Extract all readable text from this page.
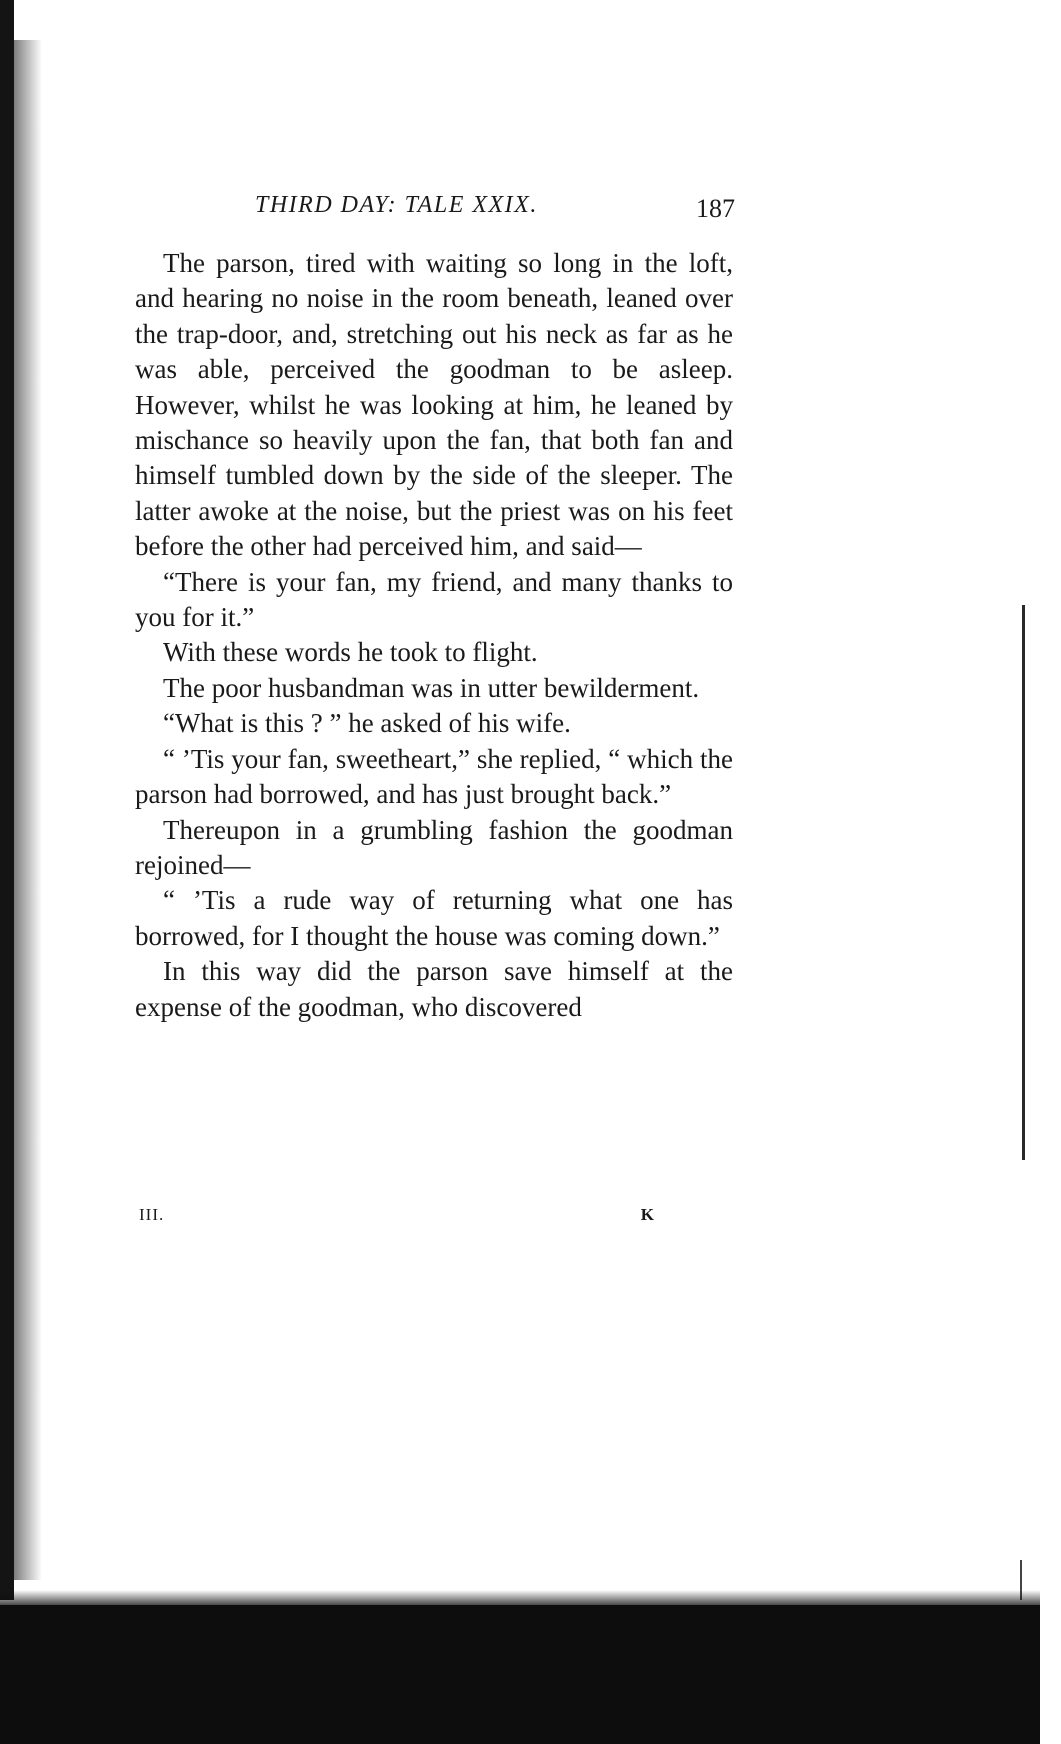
THIRD DAY: TALE XXIX.	187

The parson, tired with waiting so long in the loft, and hearing no noise in the room beneath, leaned over the trap-door, and, stretching out his neck as far as he was able, perceived the goodman to be asleep. However, whilst he was looking at him, he leaned by mischance so heavily upon the fan, that both fan and himself tumbled down by the side of the sleeper. The latter awoke at the noise, but the priest was on his feet before the other had perceived him, and said—

“There is your fan, my friend, and many thanks to you for it.”

With these words he took to flight.

The poor husbandman was in utter bewilderment.

“What is this ? ” he asked of his wife.

“ ’Tis your fan, sweetheart,” she replied, “ which the parson had borrowed, and has just brought back.”

Thereupon in a grumbling fashion the goodman rejoined—

“ ’Tis a rude way of returning what one has borrowed, for I thought the house was coming down.”

In this way did the parson save himself at the expense of the goodman, who discovered

III.	K
